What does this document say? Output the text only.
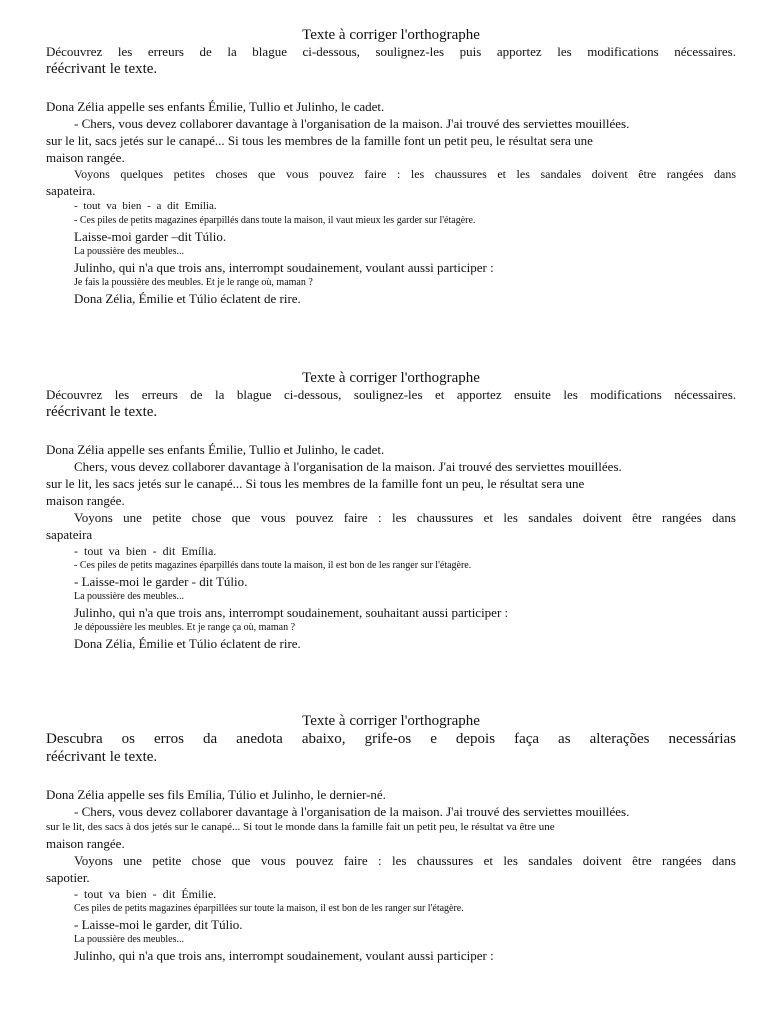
Texte à corriger l'orthographe
Découvrez les erreurs de la blague ci-dessous, soulignez-les puis apportez les modifications nécessaires.
réécrivant le texte.
Dona Zélia appelle ses enfants Émilie, Tullio et Julinho, le cadet.
- Chers, vous devez collaborer davantage à l'organisation de la maison. J'ai trouvé des serviettes mouillées.
sur le lit, sacs jetés sur le canapé... Si tous les membres de la famille font un petit peu, le résultat sera une
maison rangée.
Voyons quelques petites choses que vous pouvez faire : les chaussures et les sandales doivent être rangées dans
sapateira.
- tout va bien - a dit Emília.
- Ces piles de petits magazines éparpillés dans toute la maison, il vaut mieux les garder sur l'étagère.
Laisse-moi garder –dit Túlio.
La poussière des meubles...
Julinho, qui n'a que trois ans, interrompt soudainement, voulant aussi participer :
Je fais la poussière des meubles. Et je le range où, maman ?
Dona Zélia, Émilie et Túlio éclatent de rire.
Texte à corriger l'orthographe
Découvrez les erreurs de la blague ci-dessous, soulignez-les et apportez ensuite les modifications nécessaires.
réécrivant le texte.
Dona Zélia appelle ses enfants Émilie, Tullio et Julinho, le cadet.
Chers, vous devez collaborer davantage à l'organisation de la maison. J'ai trouvé des serviettes mouillées.
sur le lit, les sacs jetés sur le canapé... Si tous les membres de la famille font un peu, le résultat sera une
maison rangée.
Voyons une petite chose que vous pouvez faire : les chaussures et les sandales doivent être rangées dans
sapateira
- tout va bien - dit Emília.
- Ces piles de petits magazines éparpillés dans toute la maison, il est bon de les ranger sur l'étagère.
- Laisse-moi le garder - dit Túlio.
La poussière des meubles...
Julinho, qui n'a que trois ans, interrompt soudainement, souhaitant aussi participer :
Je dépoussière les meubles. Et je range ça où, maman ?
Dona Zélia, Émilie et Túlio éclatent de rire.
Texte à corriger l'orthographe
Descubra os erros da anedota abaixo, grife-os e depois faça as alterações necessárias
réécrivant le texte.
Dona Zélia appelle ses fils Emília, Túlio et Julinho, le dernier-né.
- Chers, vous devez collaborer davantage à l'organisation de la maison. J'ai trouvé des serviettes mouillées.
sur le lit, des sacs à dos jetés sur le canapé... Si tout le monde dans la famille fait un petit peu, le résultat va être une
maison rangée.
Voyons une petite chose que vous pouvez faire : les chaussures et les sandales doivent être rangées dans
sapotier.
- tout va bien - dit Émilie.
Ces piles de petits magazines éparpillées sur toute la maison, il est bon de les ranger sur l'étagère.
- Laisse-moi le garder, dit Túlio.
La poussière des meubles...
Julinho, qui n'a que trois ans, interrompt soudainement, voulant aussi participer :
